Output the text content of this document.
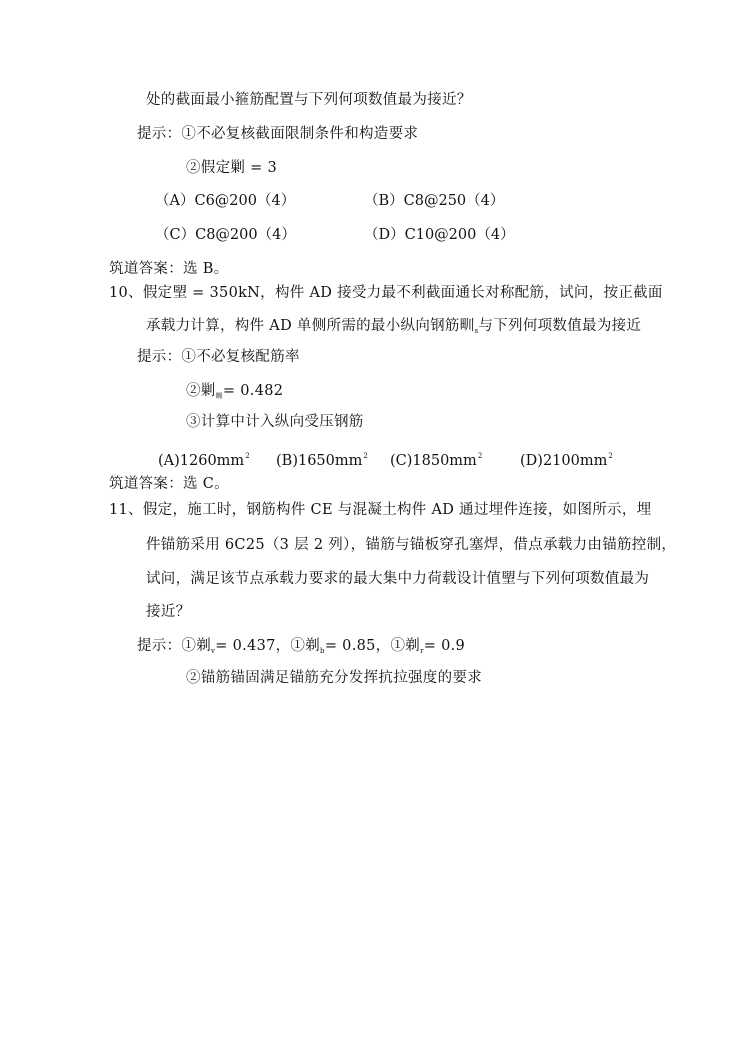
处的截面最小箍筋配置与下列何项数值最为接近？
提示：①不必复核截面限制条件和构造要求
②假定剿 = 3
（A）C6@200（4）	（B）C8@250（4）
（C）C8@200（4）	（D）C10@200（4）
筑道答案：选 B。
10、假定朢 = 350kN，构件 AD 接受力最不利截面通长对称配筋，试问，按正截面
承载力计算，构件 AD 单侧所需的最小纵向钢筋甽$_s$与下列何项数值最为接近
提示：①不必复核配筋率
②剿$_甽$= 0.482
③计算中计入纵向受压钢筋
$(A)1260mm^2$ $(B)1650mm^2$ $(C)1850mm^2$	$(D)2100mm^2$
筑道答案：选 C。
11、假定，施工时，钢筋构件 CE 与混凝土构件 AD 通过埋件连接，如图所示，埋
件锚筋采用 6C25（3 层 2 列），锚筋与锚板穿孔塞焊，借点承载力由锚筋控制，
试问，满足该节点承载力要求的最大集中力荷载设计值朢与下列何项数值最为
接近？
提示：①剃$_v$= 0.437，①剃$_b$= 0.85，①剃$_r$= 0.9
②锚筋锚固满足锚筋充分发挥抗拉强度的要求
